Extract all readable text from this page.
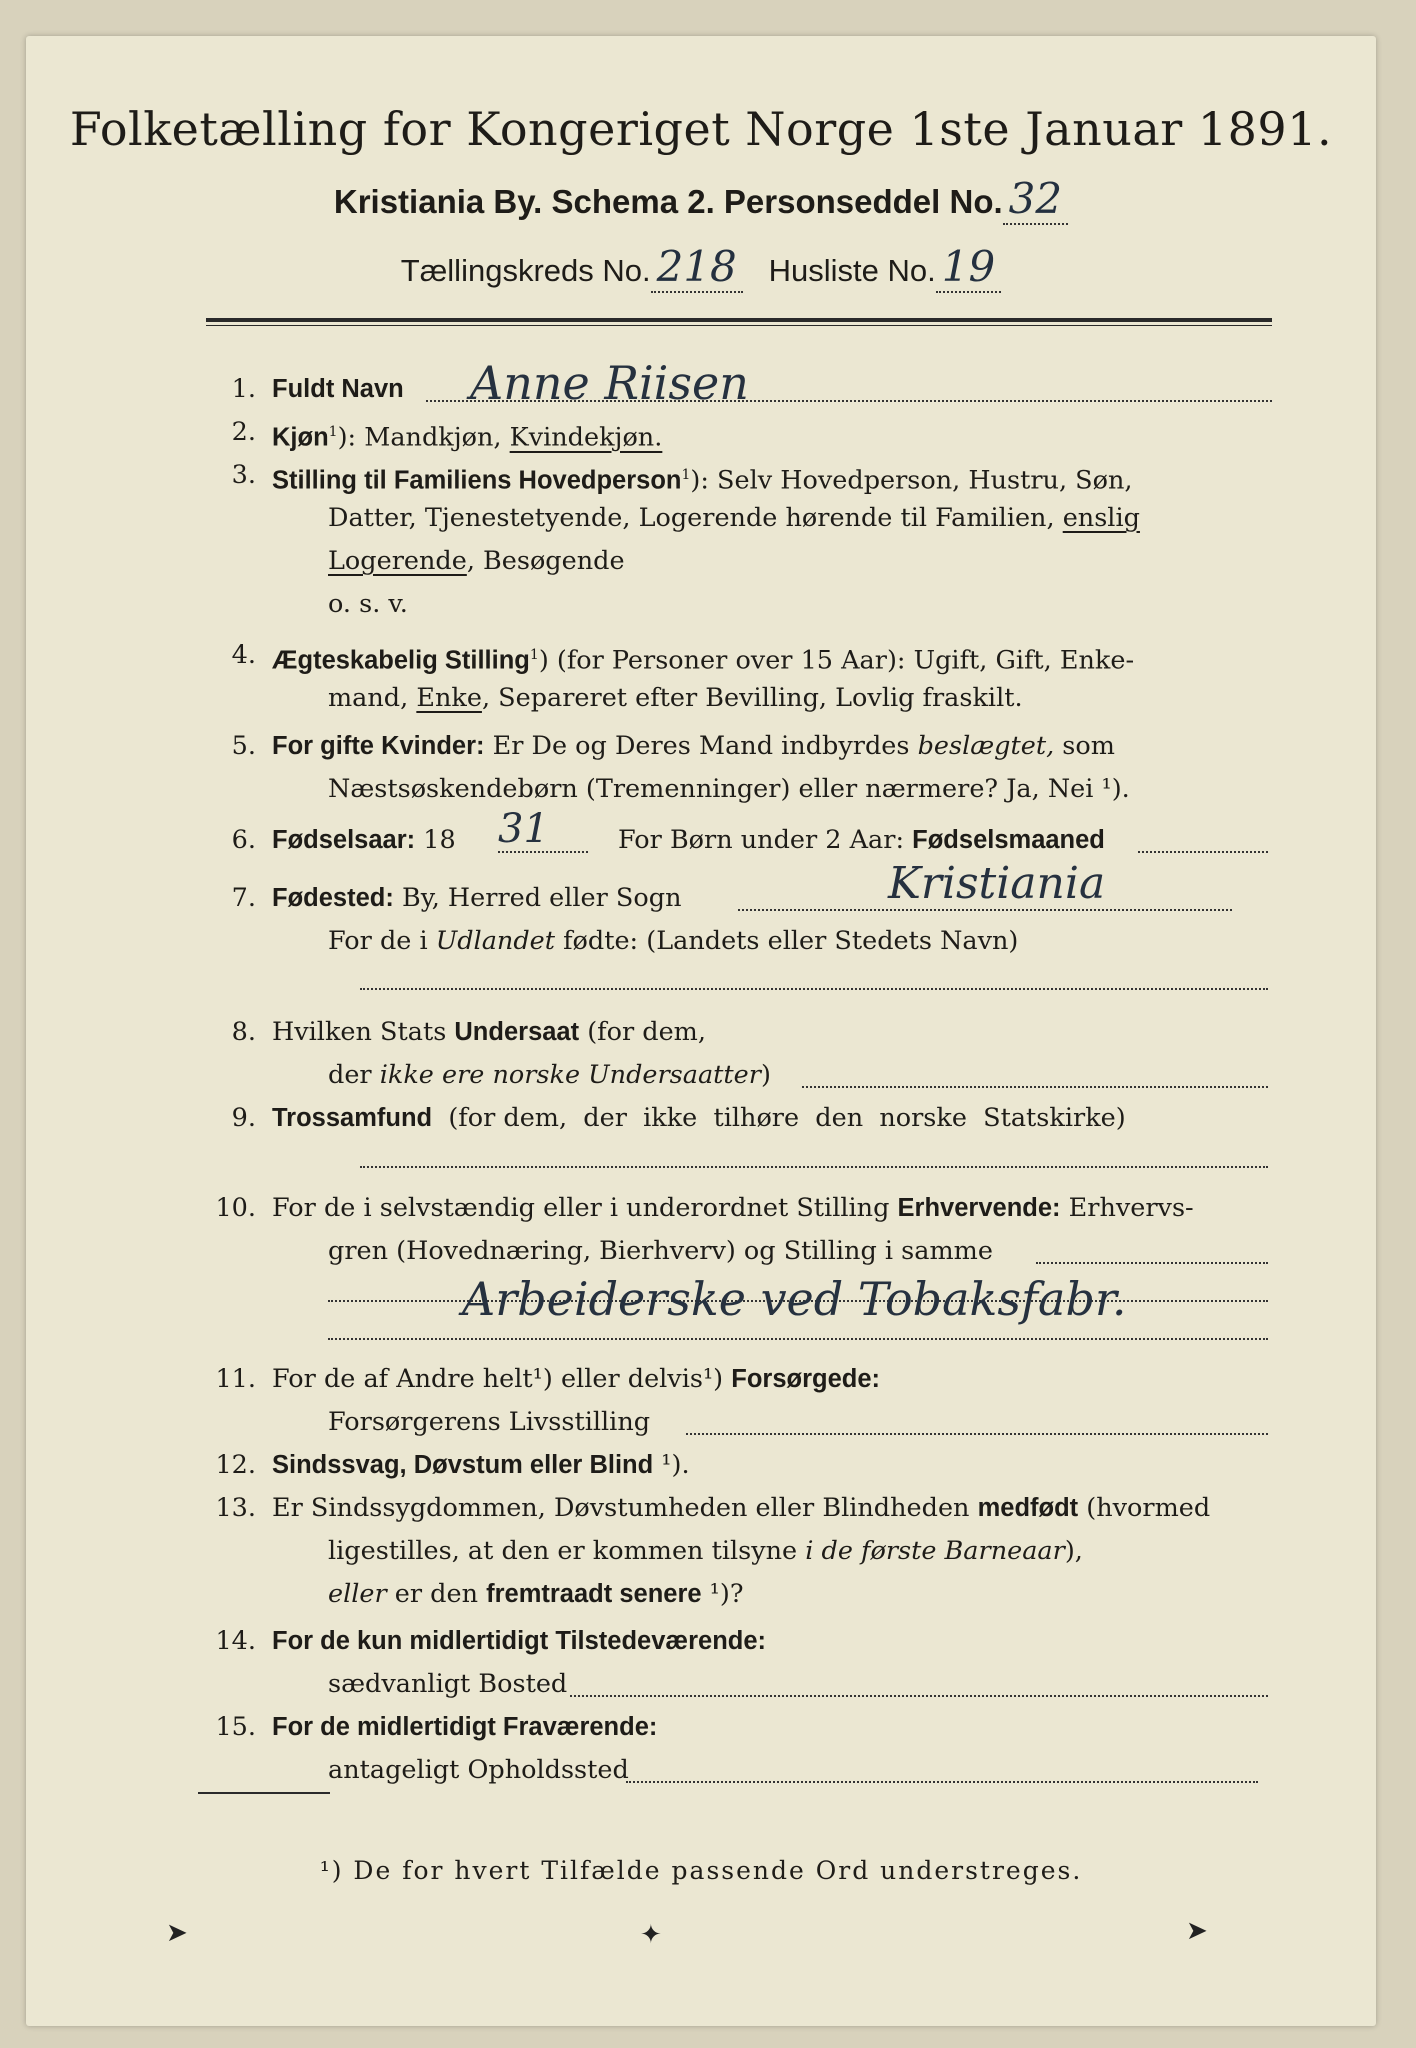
Folketælling for Kongeriget Norge 1ste Januar 1891.
Kristiania By. Schema 2. Personseddel No. 32
Tællingskreds No. 218 Husliste No. 19
1. Fuldt Navn Anne Riisen
2. Kjøn$^1$): Mandkjøn, Kvindekjøn.
3. Stilling til Familiens Hovedperson$^1$): Selv Hovedperson, Hustru, Søn,
Datter, Tjenestetyende, Logerende hørende til Familien, enslig
Logerende, Besøgende
o. s. v.
4. Ægteskabelig Stilling$^1$) (for Personer over 15 Aar): Ugift, Gift, Enke-
mand, Enke, Separeret efter Bevilling, Lovlig fraskilt.
5. For gifte Kvinder: Er De og Deres Mand indbyrdes beslægtet, som
Næstsøskendebørn (Tremenninger) eller nærmere? Ja, Nei ¹).
6. Fødselsaar: 18 31	For Børn under 2 Aar: Fødselsmaaned
7. Fødested: By, Herred eller Sogn	Kristiania
For de i Udlandet fødte: (Landets eller Stedets Navn)
8. Hvilken Stats Undersaat (for dem,
der ikke ere norske Undersaatter)
9. Trossamfund  (for dem,  der  ikke  tilhøre  den  norske  Statskirke)
10. For de i selvstændig eller i underordnet Stilling Erhvervende: Erhvervs-
gren (Hovednæring, Bierhverv) og Stilling i samme
Arbeiderske ved Tobaksfabr.
11. For de af Andre helt¹) eller delvis¹) Forsørgede:
Forsørgerens Livsstilling
12. Sindssvag, Døvstum eller Blind ¹).
13. Er Sindssygdommen, Døvstumheden eller Blindheden medfødt (hvormed
ligestilles, at den er kommen tilsyne i de første Barneaar),
eller er den fremtraadt senere ¹)?
14. For de kun midlertidigt Tilstedeværende:
sædvanligt Bosted
15. For de midlertidigt Fraværende:
antageligt Opholdssted
¹) De for hvert Tilfælde passende Ord understreges.
➤	✦	➤
